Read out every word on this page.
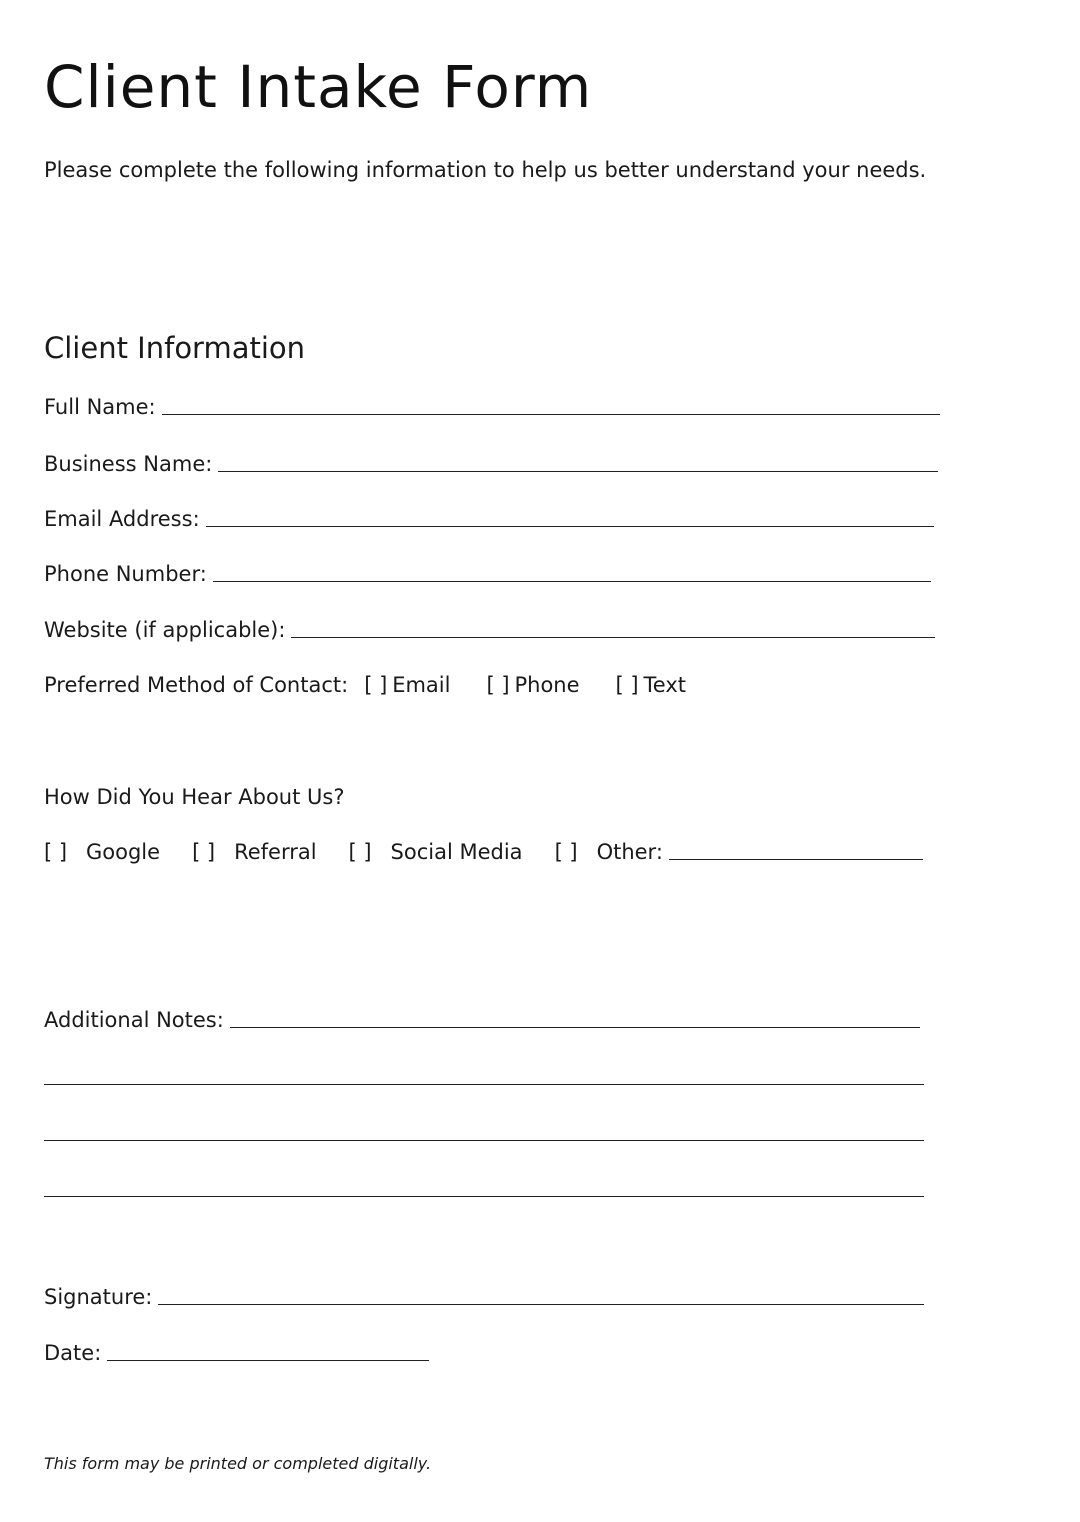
Client Intake Form
Please complete the following information to help us better understand your needs.
Client Information
Full Name:
Business Name:
Email Address:
Phone Number:
Website (if applicable):
Preferred Method of Contact: [ ] Email [ ] Phone [ ] Text
How Did You Hear About Us?
[ ] Google [ ] Referral [ ] Social Media [ ] Other:
Additional Notes:
Signature:
Date:
This form may be printed or completed digitally.
